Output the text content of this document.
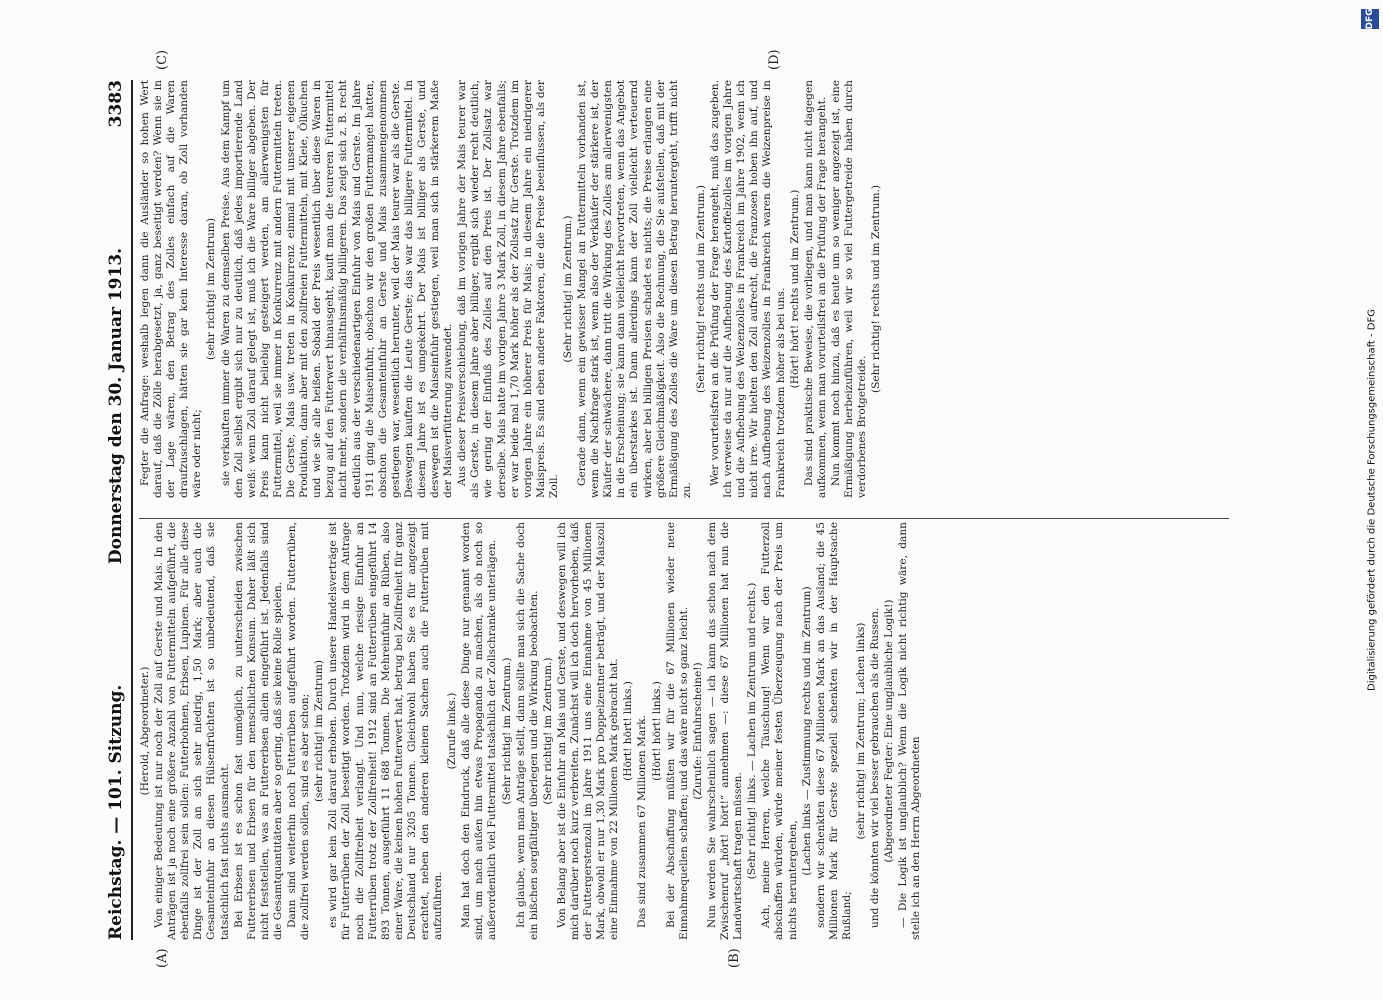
Reichstag. — 101. Sitzung.
Donnerstag den 30. Januar 1913.
3383
(A)	(B)
(C)	(D)

(Herold, Abgeordneter.) Von einiger Bedeutung ist nur noch der Zoll auf Gerste und Mais. In den Anträgen ist ja noch eine größere Anzahl von Futtermitteln aufgeführt, die ebenfalls zollfrei sein sollen: Futterbohnen, Erbsen, Lupinen. Für alle diese Dinge ist der Zoll an sich sehr niedrig, 1,50 Mark; aber auch die Gesamteinfuhr an diesen Hülsenfrüchten ist so unbedeutend, daß sie tatsächlich fast nichts ausmacht. Bei Erbsen ist es schon fast unmöglich, zu unterscheiden zwischen Futtererbsen und Erbsen für den menschlichen Konsum. Daher läßt sich nicht feststellen, was an Futtererbsen allein eingeführt ist. Jedenfalls sind die Gesamtquantitäten aber so gering, daß sie keine Rolle spielen. Dann sind weiterhin noch Futterrüben aufgeführt worden. Futterrüben, die zollfrei werden sollen, sind es aber schon; (sehr richtig! im Zentrum) es wird gar kein Zoll darauf erhoben. Durch unsere Handelsverträge ist für Futterrüben der Zoll beseitigt worden. Trotzdem wird in dem Antrage noch die Zollfreiheit verlangt. Und nun, welche riesige Einfuhr an Futterrüben trotz der Zollfreiheit! 1912 sind an Futterrüben eingeführt 14 893 Tonnen, ausgeführt 11 688 Tonnen. Die Mehreinfuhr an Rüben, also einer Ware, die keinen hohen Futterwert hat, betrug bei Zollfreiheit für ganz Deutschland nur 3205 Tonnen. Gleichwohl haben Sie es für angezeigt erachtet, neben den anderen kleinen Sachen auch die Futterrüben mit aufzuführen.

(Zurufe links.) Man hat doch den Eindruck, daß alle diese Dinge nur genannt worden sind, um nach außen hin etwas Propaganda zu machen, als ob noch so außerordentlich viel Futtermittel tatsächlich der Zollschranke unterlägen. (Sehr richtig! im Zentrum.) Ich glaube, wenn man Anträge stellt, dann sollte man sich die Sache doch ein bißchen sorgfältiger überlegen und die Wirkung beobachten. (Sehr richtig! im Zentrum.) Von Belang aber ist die Einfuhr an Mais und Gerste, und deswegen will ich mich darüber noch kurz verbreiten. Zunächst will ich doch hervorheben, daß der Futtergerstenzoll im Jahre 1911 uns eine Einnahme von 45 Millionen Mark, obwohl er nur 1,30 Mark pro Doppelzentner beträgt, und der Maiszoll eine Einnahme von 22 Millionen Mark gebracht hat. (Hört! hört! links.) Das sind zusammen 67 Millionen Mark. (Hört! hört! links.) Bei der Abschaffung müßten wir für die 67 Millionen wieder neue Einnahmequellen schaffen; und das wäre nicht so ganz leicht. (Zurufe: Einfuhrscheine!) Nun werden Sie wahrscheinlich sagen — ich kann das schon nach dem Zwischenruf „hört! hört!“ annehmen —: diese 67 Millionen hat nun die Landwirtschaft tragen müssen. (Sehr richtig! links. — Lachen im Zentrum und rechts.) Ach, meine Herren, welche Täuschung! Wenn wir den Futterzoll abschaffen würden, würde meiner festen Überzeugung nach der Preis um nichts heruntergehen,

(Lachen links — Zustimmung rechts und im Zentrum) sondern wir schenkten diese 67 Millionen Mark an das Ausland; die 45 Millionen Mark für Gerste speziell schenkten wir in der Hauptsache Rußland;

(sehr richtig! im Zentrum; Lachen links) und die könnten wir viel besser gebrauchen als die Russen. (Abgeordneter Fegter: Eine unglaubliche Logik!) — Die Logik ist unglaublich? Wenn die Logik nicht richtig wäre, dann stelle ich an den Herrn Abgeordneten

Fegter die Anfrage: weshalb legen dann die Ausländer so hohen Wert darauf, daß die Zölle herabgesetzt, ja, ganz beseitigt werden? Wenn sie in der Lage wären, den Betrag des Zolles einfach auf die Waren draufzuschlagen, hätten sie gar kein Interesse daran, ob Zoll vorhanden wäre oder nicht;

(sehr richtig! im Zentrum) sie verkauften immer die Waren zu demselben Preise. Aus dem Kampf um den Zoll selbst ergibt sich nur zu deutlich, daß jedes importierende Land weiß: wenn Zoll darauf gelegt ist, muß ich die Ware billiger abgeben. Der Preis kann nicht beliebig gesteigert werden, am allerwenigsten für Futtermittel, weil sie immer in Konkurrenz mit andern Futtermitteln treten. Die Gerste, Mais usw. treten in Konkurrenz einmal mit unserer eigenen Produktion, dann aber mit den zollfreien Futtermitteln, mit Kleie, Ölkuchen und wie sie alle heißen. Sobald der Preis wesentlich über diese Waren in bezug auf den Futterwert hinausgeht, kauft man die teureren Futtermittel nicht mehr, sondern die verhältnismäßig billigeren. Das zeigt sich z. B. recht deutlich aus der verschiedenartigen Einfuhr von Mais und Gerste. Im Jahre 1911 ging die Maiseinfuhr, obschon wir den großen Futtermangel hatten, obschon die Gesamteinfuhr an Gerste und Mais zusammengenommen gestiegen war, wesentlich herunter, weil der Mais teurer war als die Gerste. Deswegen kauften die Leute Gerste; das war das billigere Futtermittel. In diesem Jahre ist es umgekehrt. Der Mais ist billiger als Gerste, und deswegen ist die Maiseinfuhr gestiegen, weil man sich in stärkerem Maße der Maisverfütterung zuwendet. Aus dieser Preisverschiebung, daß im vorigen Jahre der Mais teurer war als Gerste, in diesem Jahre aber billiger, ergibt sich wieder recht deutlich, wie gering der Einfluß des Zolles auf den Preis ist. Der Zollsatz war derselbe. Mais hatte im vorigen Jahre 3 Mark Zoll, in diesem Jahre ebenfalls; er war beide mal 1,70 Mark höher als der Zollsatz für Gerste. Trotzdem im vorigen Jahre ein höherer Preis für Mais; in diesem Jahre ein niedrigerer Maispreis. Es sind eben andere Faktoren, die die Preise beeinflussen, als der Zoll.

(Sehr richtig! im Zentrum.) Gerade dann, wenn ein gewisser Mangel an Futtermitteln vorhanden ist, wenn die Nachfrage stark ist, wenn also der Verkäufer der stärkere ist, der Käufer der schwächere, dann tritt die Wirkung des Zolles am allerwenigsten in die Erscheinung; sie kann dann vielleicht hervortreten, wenn das Angebot ein überstarkes ist. Dann allerdings kann der Zoll vielleicht verteuernd wirken, aber bei billigen Preisen schadet es nichts; die Preise erlangen eine größere Gleichmäßigkeit. Also die Rechnung, die Sie aufstellen, daß mit der Ermäßigung des Zolles die Ware um diesen Betrag heruntergeht, trifft nicht zu.

(Sehr richtig! rechts und im Zentrum.) Wer vorurteilsfrei an die Prüfung der Frage herangeht, muß das zugeben. Ich verweise da nur auf die Aufhebung des Kartoffelzolles im vorigen Jahre und die Aufhebung des Weizenzolles in Frankreich im Jahre 1902, wenn ich nicht irre. Wir hielten den Zoll aufrecht, die Franzosen hoben ihn auf, und nach Aufhebung des Weizenzolles in Frankreich waren die Weizenpreise in Frankreich trotzdem höher als bei uns. (Hört! hört! rechts und im Zentrum.) Das sind praktische Beweise, die vorliegen, und man kann nicht dagegen aufkommen, wenn man vorurteilsfrei an die Prüfung der Frage herangeht. Nun kommt noch hinzu, daß es heute um so weniger angezeigt ist, eine Ermäßigung herbeizuführen, weil wir so viel Futtergetreide haben durch verdorbenes Brotgetreide.

(Sehr richtig! rechts und im Zentrum.)

DFG
Digitalisierung gefördert durch die Deutsche Forschungsgemeinschaft - DFG
